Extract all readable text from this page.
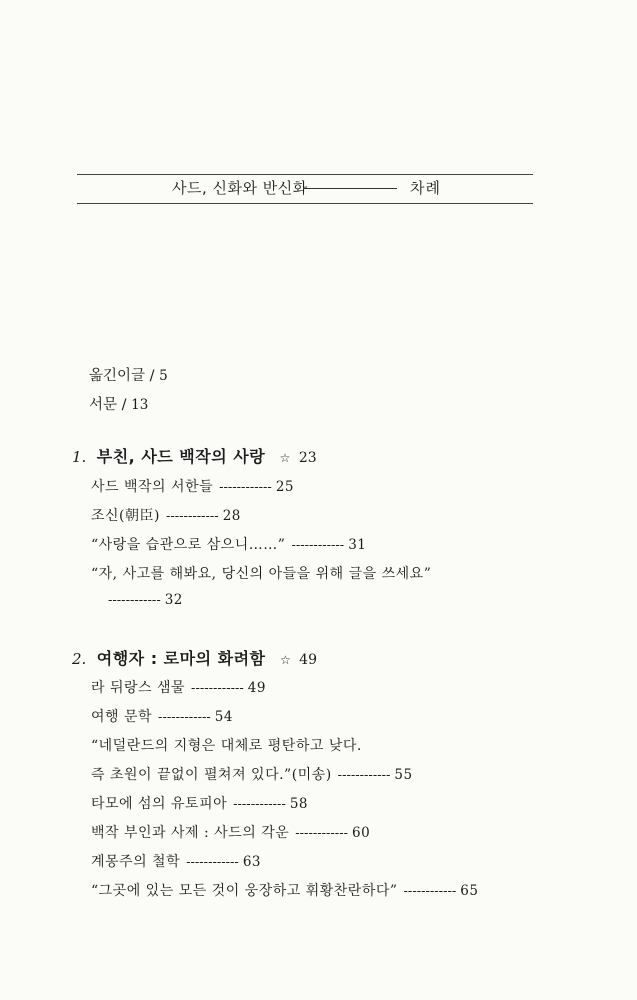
사드, 신화와 반신화	차례
옮긴이글 / 5
서문 / 13
1. 부친, 사드 백작의 사랑 ☆ 23
사드 백작의 서한들 ------------ 25
조신(朝臣) ------------ 28
“사랑을 습관으로 삼으니……” ------------ 31
“자, 사고를 해봐요, 당신의 아들을 위해 글을 쓰세요”
------------ 32
2. 여행자 : 로마의 화려함 ☆ 49
라 뒤랑스 샘물 ------------ 49
여행 문학 ------------ 54
“네덜란드의 지형은 대체로 평탄하고 낮다.
즉 초원이 끝없이 펼쳐져 있다.”(미송) ------------ 55
타모에 섬의 유토피아 ------------ 58
백작 부인과 사제 : 사드의 각운 ------------ 60
계몽주의 철학 ------------ 63
“그곳에 있는 모든 것이 웅장하고 휘황찬란하다” ------------ 65
